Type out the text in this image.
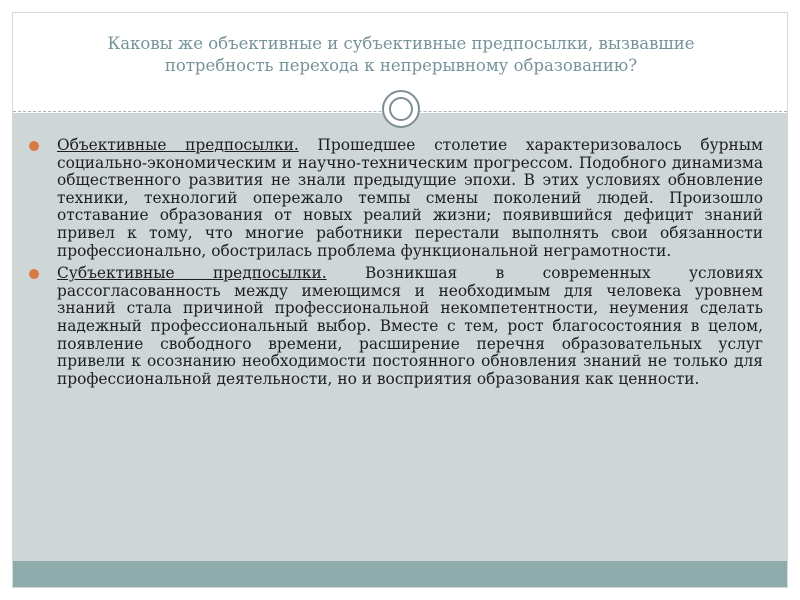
Каковы же объективные и субъективные предпосылки, вызвавшие
потребность перехода к непрерывному образованию?
Объективные предпосылки. Прошедшее столетие характеризовалось бурным социально-экономическим и научно-техническим прогрессом. Подобного динамизма общественного развития не знали предыдущие эпохи. В этих условиях обновление техники, технологий опережало темпы смены поколений людей. Произошло отставание образования от новых реалий жизни; появившийся дефицит знаний привел к тому, что многие работники перестали выполнять свои обязанности профессионально, обострилась проблема функциональной неграмотности.
Субъективные предпосылки. Возникшая в современных условиях рассогласованность между имеющимся и необходимым для человека уровнем знаний стала причиной профессиональной некомпетентности, неумения сделать надежный профессиональный выбор. Вместе с тем, рост благосостояния в целом, появление свободного времени, расширение перечня образовательных услуг привели к осознанию необходимости постоянного обновления знаний не только для профессиональной деятельности, но и восприятия образования как ценности.
